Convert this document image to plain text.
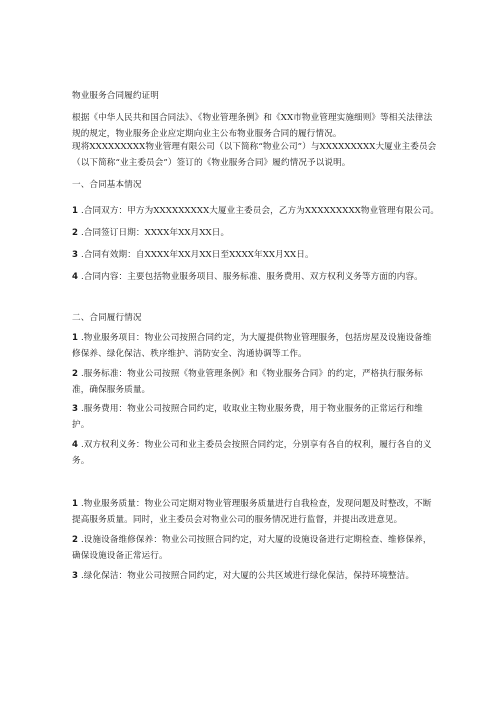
物业服务合同履约证明
根据《中华人民共和国合同法》、《物业管理条例》和《XX市物业管理实施细则》等相关法律法规的规定，物业服务企业应定期向业主公布物业服务合同的履行情况。
现将XXXXXXXXX物业管理有限公司（以下简称“物业公司”）与XXXXXXXXX大厦业主委员会（以下简称“业主委员会”）签订的《物业服务合同》履约情况予以说明。
一、合同基本情况
1 .合同双方：甲方为XXXXXXXXX大厦业主委员会，乙方为XXXXXXXXX物业管理有限公司。
2 .合同签订日期：XXXX年XX月XX日。
3 .合同有效期：自XXXX年XX月XX日至XXXX年XX月XX日。
4 .合同内容：主要包括物业服务项目、服务标准、服务费用、双方权利义务等方面的内容。
二、合同履行情况
1 .物业服务项目：物业公司按照合同约定，为大厦提供物业管理服务，包括房屋及设施设备维修保养、绿化保洁、秩序维护、消防安全、沟通协调等工作。
2 .服务标准：物业公司按照《物业管理条例》和《物业服务合同》的约定，严格执行服务标准，确保服务质量。
3 .服务费用：物业公司按照合同约定，收取业主物业服务费，用于物业服务的正常运行和维护。
4 .双方权利义务：物业公司和业主委员会按照合同约定，分别享有各自的权利，履行各自的义务。
1 .物业服务质量：物业公司定期对物业管理服务质量进行自我检查，发现问题及时整改，不断提高服务质量。同时，业主委员会对物业公司的服务情况进行监督，并提出改进意见。
2 .设施设备维修保养：物业公司按照合同约定，对大厦的设施设备进行定期检查、维修保养，确保设施设备正常运行。
3 .绿化保洁：物业公司按照合同约定，对大厦的公共区域进行绿化保洁，保持环境整洁。
